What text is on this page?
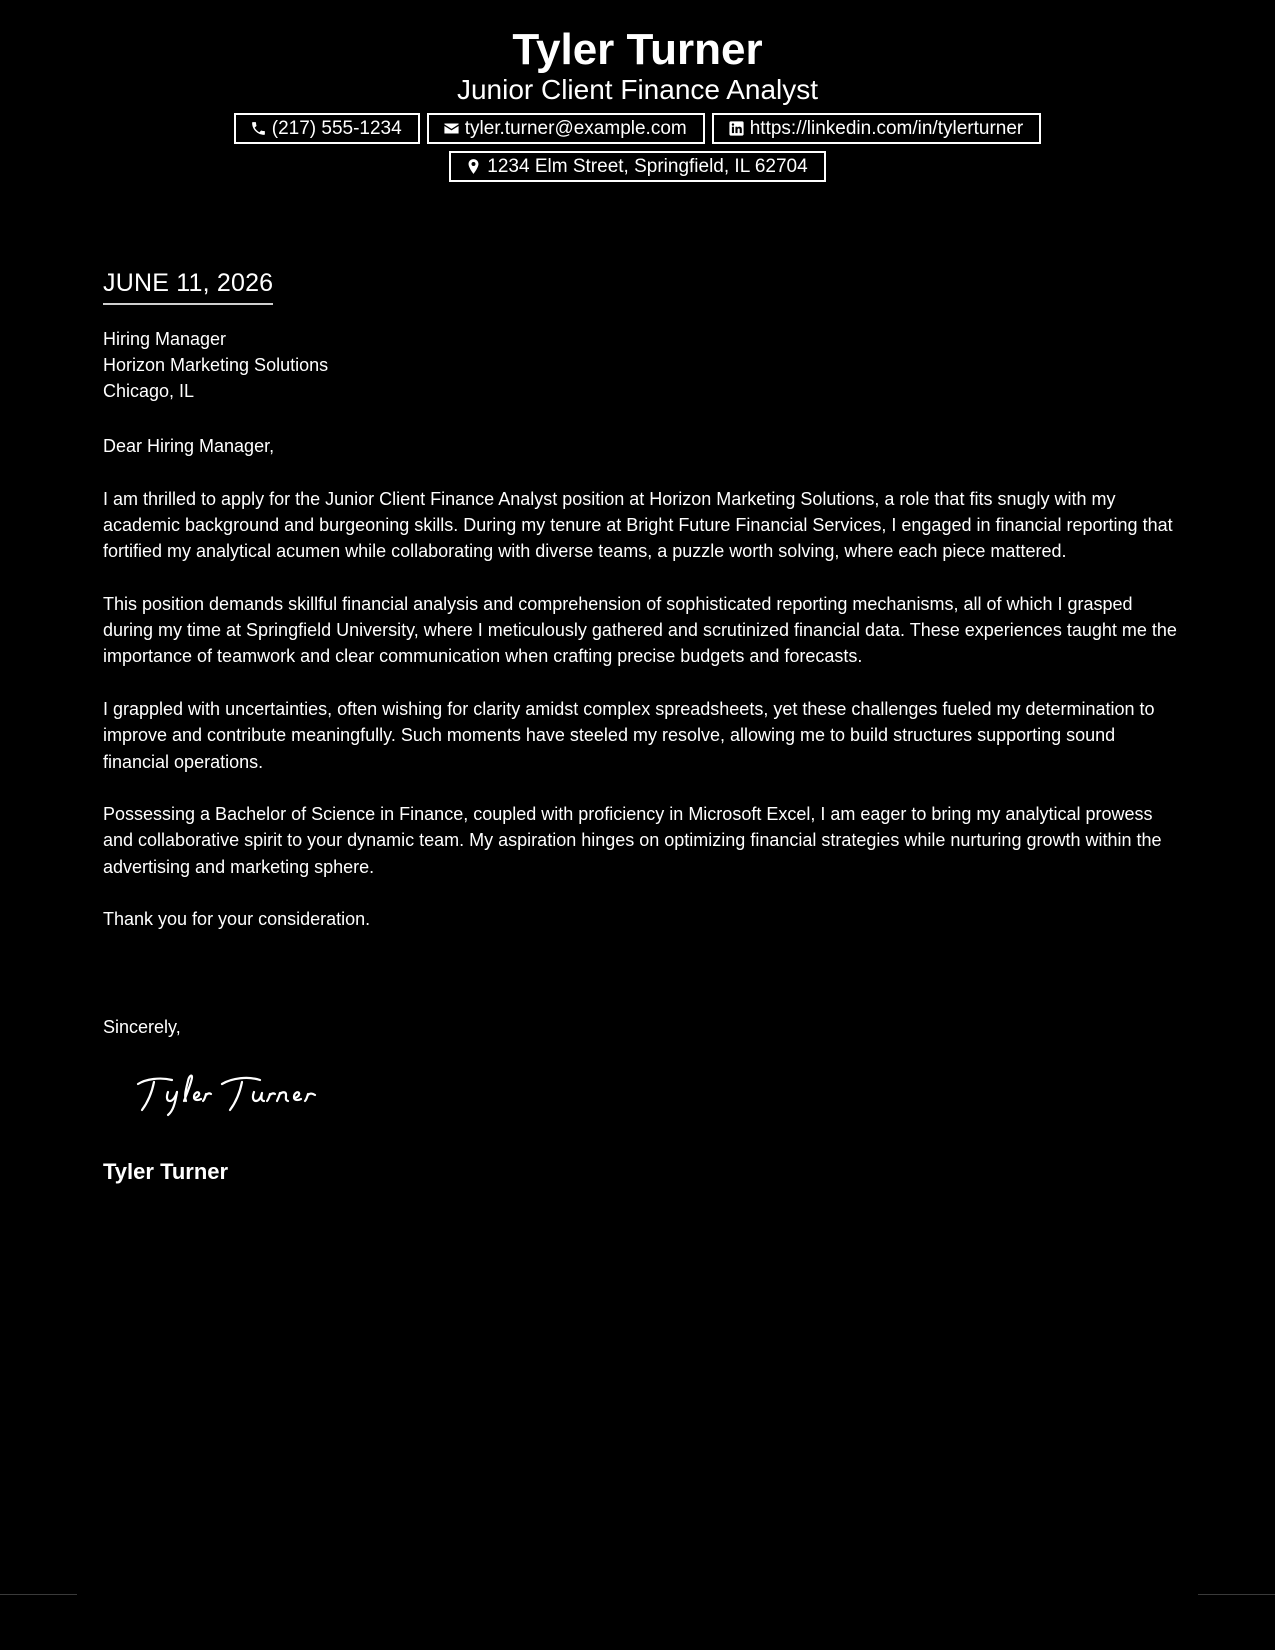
Tyler Turner
Junior Client Finance Analyst
(217) 555-1234	tyler.turner@example.com	https://linkedin.com/in/tylerturner
1234 Elm Street, Springfield, IL 62704
JUNE 11, 2026
Hiring Manager
Horizon Marketing Solutions
Chicago, IL

Dear Hiring Manager,

I am thrilled to apply for the Junior Client Finance Analyst position at Horizon Marketing Solutions, a role that fits snugly with my academic background and burgeoning skills. During my tenure at Bright Future Financial Services, I engaged in financial reporting that fortified my analytical acumen while collaborating with diverse teams, a puzzle worth solving, where each piece mattered.

This position demands skillful financial analysis and comprehension of sophisticated reporting mechanisms, all of which I grasped during my time at Springfield University, where I meticulously gathered and scrutinized financial data. These experiences taught me the importance of teamwork and clear communication when crafting precise budgets and forecasts.

I grappled with uncertainties, often wishing for clarity amidst complex spreadsheets, yet these challenges fueled my determination to improve and contribute meaningfully. Such moments have steeled my resolve, allowing me to build structures supporting sound financial operations.

Possessing a Bachelor of Science in Finance, coupled with proficiency in Microsoft Excel, I am eager to bring my analytical prowess and collaborative spirit to your dynamic team. My aspiration hinges on optimizing financial strategies while nurturing growth within the advertising and marketing sphere.

Thank you for your consideration.

Sincerely,
Tyler Turner
